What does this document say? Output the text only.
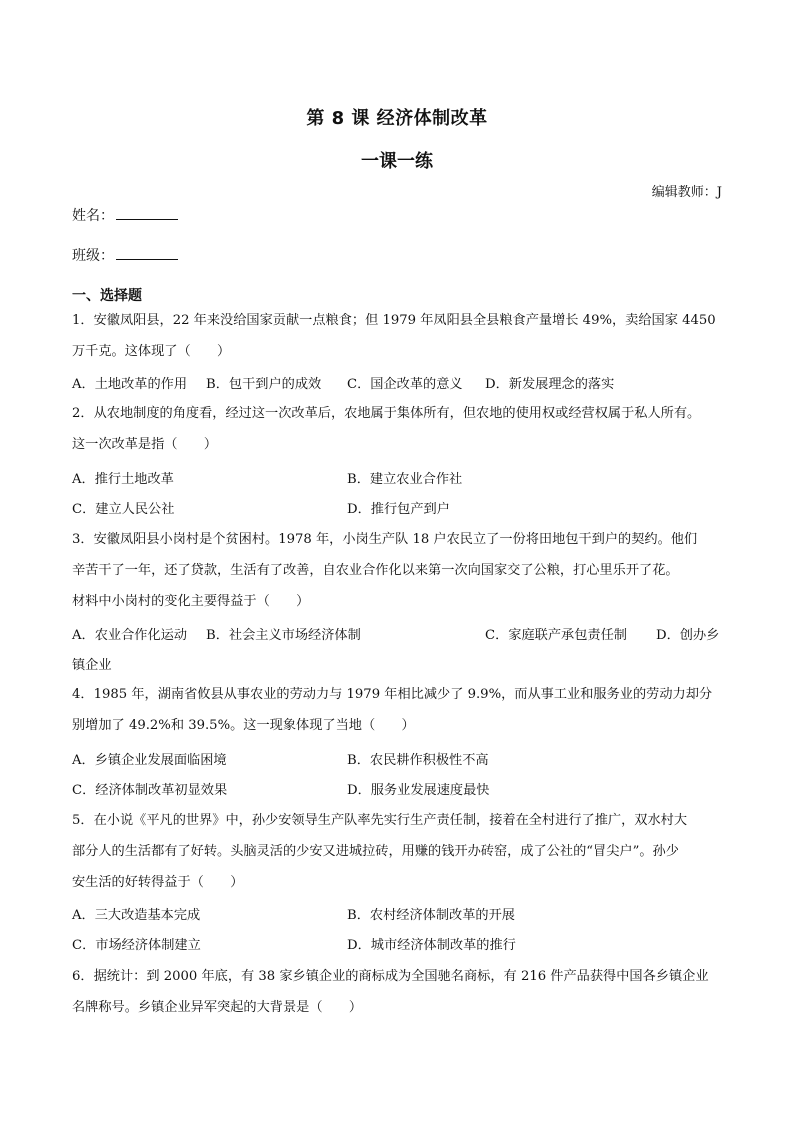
第 8 课 经济体制改革
一课一练
编辑教师：J
姓名：
班级：
一、选择题

1．安徽凤阳县，22 年来没给国家贡献一点粮食；但 1979 年凤阳县全县粮食产量增长 49%，卖给国家 4450

万千克。这体现了（　　）

A．土地改革的作用 B．包干到户的成效 C．国企改革的意义 D．新发展理念的落实

2．从农地制度的角度看，经过这一次改革后，农地属于集体所有，但农地的使用权或经营权属于私人所有。

这一次改革是指（　　）

A．推行土地改革	B．建立农业合作社
C．建立人民公社	D．推行包产到户

3．安徽凤阳县小岗村是个贫困村。1978 年，小岗生产队 18 户农民立了一份将田地包干到户的契约。他们

辛苦干了一年，还了贷款，生活有了改善，自农业合作化以来第一次向国家交了公粮，打心里乐开了花。

材料中小岗村的变化主要得益于（　　）

A．农业合作化运动 B．社会主义市场经济体制	C．家庭联产承包责任制 D．创办乡
镇企业

4．1985 年，湖南省攸县从事农业的劳动力与 1979 年相比减少了 9.9%，而从事工业和服务业的劳动力却分

别增加了 49.2%和 39.5%。这一现象体现了当地（　　）

A．乡镇企业发展面临困境	B．农民耕作积极性不高
C．经济体制改革初显效果	D．服务业发展速度最快

5．在小说《平凡的世界》中，孙少安领导生产队率先实行生产责任制，接着在全村进行了推广，双水村大

部分人的生活都有了好转。头脑灵活的少安又进城拉砖，用赚的钱开办砖窑，成了公社的“冒尖户”。孙少

安生活的好转得益于（　　）

A．三大改造基本完成	B．农村经济体制改革的开展
C．市场经济体制建立	D．城市经济体制改革的推行

6．据统计：到 2000 年底，有 38 家乡镇企业的商标成为全国驰名商标，有 216 件产品获得中国各乡镇企业

名牌称号。乡镇企业异军突起的大背景是（　　）
